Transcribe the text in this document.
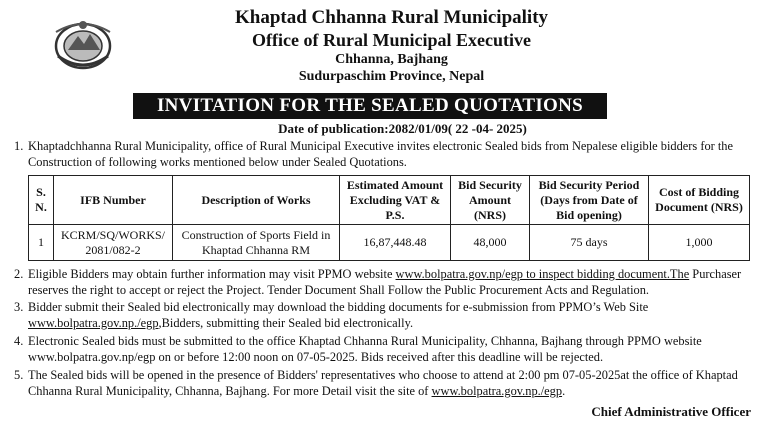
Khaptad Chhanna Rural Municipality
Office of Rural Municipal Executive
Chhanna, Bajhang
Sudurpaschim Province, Nepal
INVITATION FOR THE SEALED QUOTATIONS
Date of publication:2082/01/09( 22 -04- 2025)
1. Khaptadchhanna Rural Municipality, office of Rural Municipal Executive invites electronic Sealed bids from Nepalese eligible bidders for the Construction of following works mentioned below under Sealed Quotations.
S. N.	IFB Number	Description of Works	Estimated Amount Excluding VAT & P.S.	Bid Security Amount (NRS)	Bid Security Period (Days from Date of Bid opening)	Cost of Bidding Document (NRS)
1	KCRM/SQ/WORKS/ 2081/082-2	Construction of Sports Field in Khaptad Chhanna RM	16,87,448.48	48,000	75 days	1,000
2. Eligible Bidders may obtain further information may visit PPMO website www.bolpatra.gov.np/egp to inspect bidding document.The Purchaser reserves the right to accept or reject the Project. Tender Document Shall Follow the Public Procurement Acts and Regulation.
3. Bidder submit their Sealed bid electronically may download the bidding documents for e-submission from PPMO’s Web Site www.bolpatra.gov.np./egp,Bidders, submitting their Sealed bid electronically.
4. Electronic Sealed bids must be submitted to the office Khaptad Chhanna Rural Municipality, Chhanna, Bajhang through PPMO website www.bolpatra.gov.np/egp on or before 12:00 noon on 07-05-2025. Bids received after this deadline will be rejected.
5. The Sealed bids will be opened in the presence of Bidders' representatives who choose to attend at 2:00 pm 07-05-2025at the office of Khaptad Chhanna Rural Municipality, Chhanna, Bajhang. For more Detail visit the site of www.bolpatra.gov.np./egp.
Chief Administrative Officer
